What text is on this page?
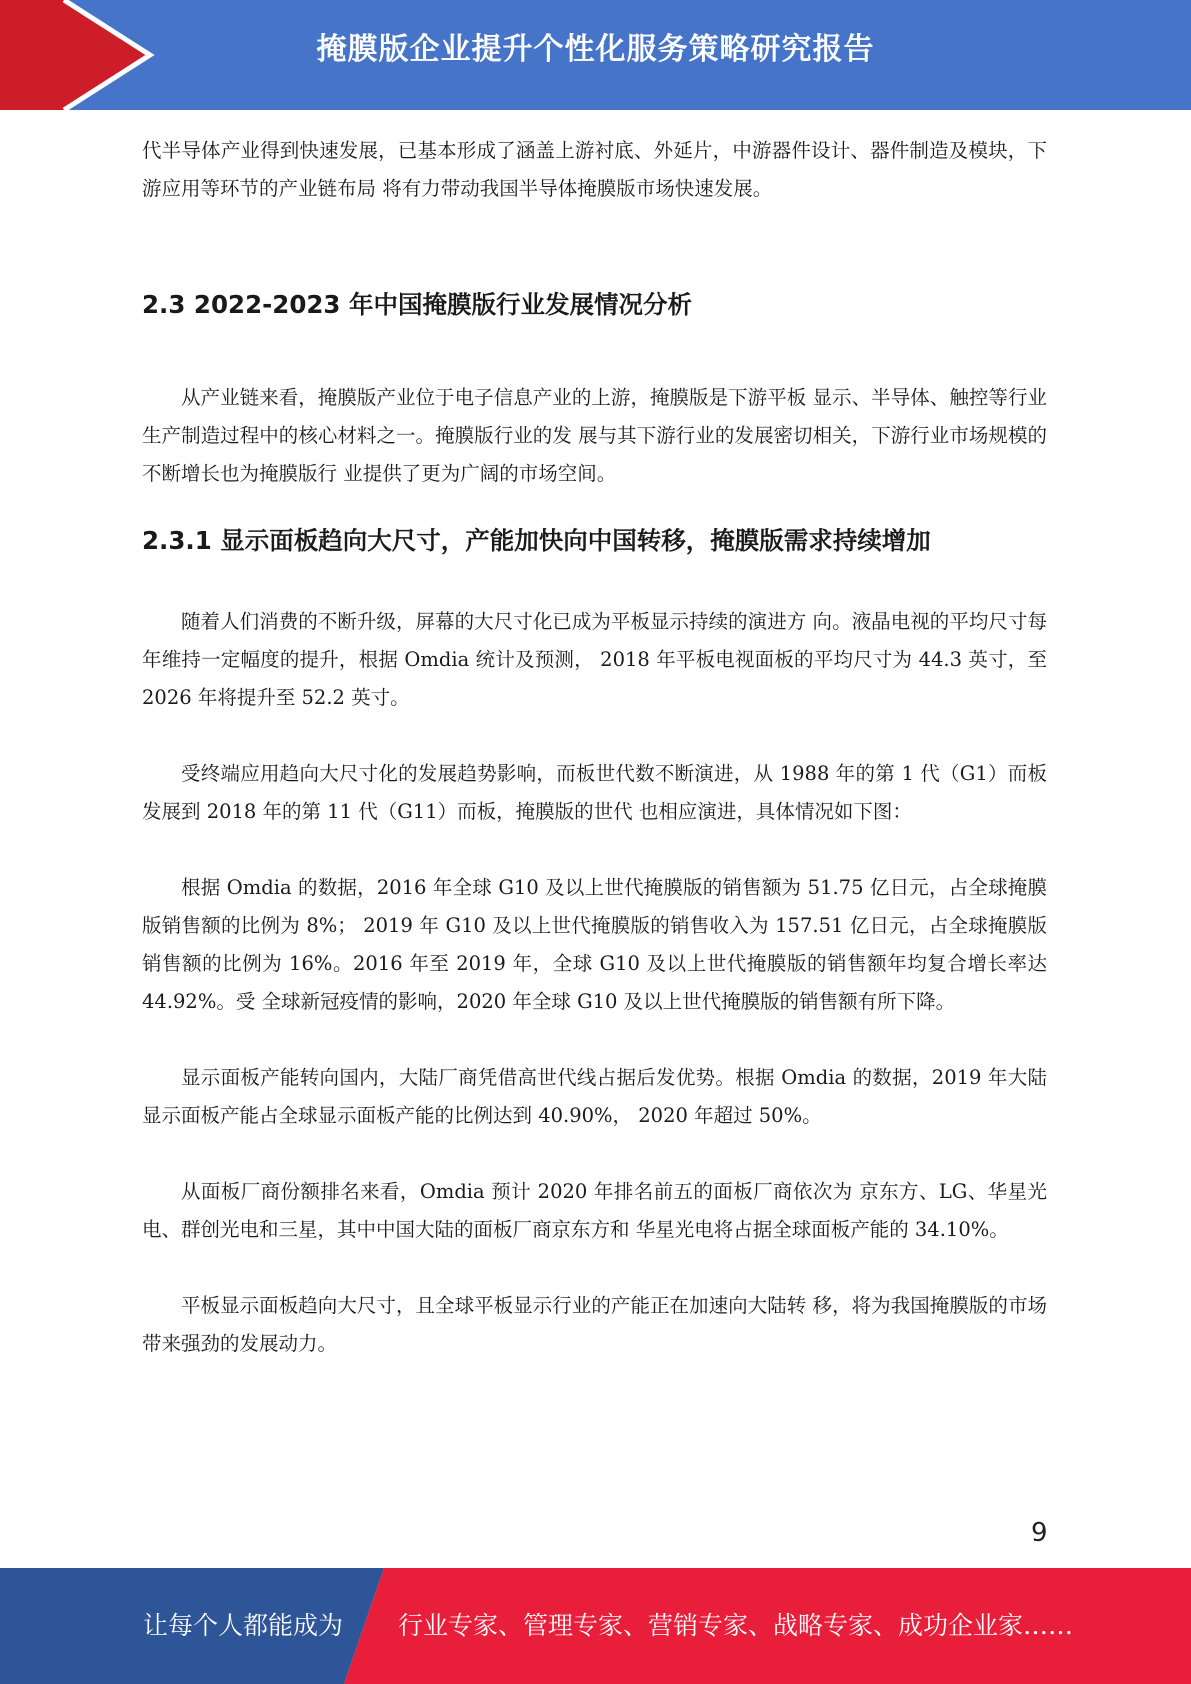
掩膜版企业提升个性化服务策略研究报告

代半导体产业得到快速发展，已基本形成了涵盖上游衬底、外延片，中游器件设计、器件制造及模块，下游应用等环节的产业链布局 将有力带动我国半导体掩膜版市场快速发展。

2.3 2022-2023 年中国掩膜版行业发展情况分析

从产业链来看，掩膜版产业位于电子信息产业的上游，掩膜版是下游平板 显示、半导体、触控等行业生产制造过程中的核心材料之一。掩膜版行业的发 展与其下游行业的发展密切相关，下游行业市场规模的不断增长也为掩膜版行 业提供了更为广阔的市场空间。

2.3.1 显示面板趋向大尺寸，产能加快向中国转移，掩膜版需求持续增加

随着人们消费的不断升级，屏幕的大尺寸化已成为平板显示持续的演进方 向。液晶电视的平均尺寸每年维持一定幅度的提升，根据 Omdia 统计及预测， 2018 年平板电视面板的平均尺寸为 44.3 英寸，至 2026 年将提升至 52.2 英寸。

受终端应用趋向大尺寸化的发展趋势影响，而板世代数不断演进，从 1988 年的第 1 代（G1）而板发展到 2018 年的第 11 代（G11）而板，掩膜版的世代 也相应演进，具体情况如下图：

根据 Omdia 的数据，2016 年全球 G10 及以上世代掩膜版的销售额为 51.75 亿日元，占全球掩膜版销售额的比例为 8%； 2019 年 G10 及以上世代掩膜版的销售收入为 157.51 亿日元，占全球掩膜版销售额的比例为 16%。2016 年至 2019 年，全球 G10 及以上世代掩膜版的销售额年均复合增长率达 44.92%。受 全球新冠疫情的影响，2020 年全球 G10 及以上世代掩膜版的销售额有所下降。

显示面板产能转向国内，大陆厂商凭借高世代线占据后发优势。根据 Omdia 的数据，2019 年大陆显示面板产能占全球显示面板产能的比例达到 40.90%， 2020 年超过 50%。

从面板厂商份额排名来看，Omdia 预计 2020 年排名前五的面板厂商依次为 京东方、LG、华星光电、群创光电和三星，其中中国大陆的面板厂商京东方和 华星光电将占据全球面板产能的 34.10%。

平板显示面板趋向大尺寸，且全球平板显示行业的产能正在加速向大陆转 移，将为我国掩膜版的市场带来强劲的发展动力。

9
让每个人都能成为 行业专家、管理专家、营销专家、战略专家、成功企业家……
